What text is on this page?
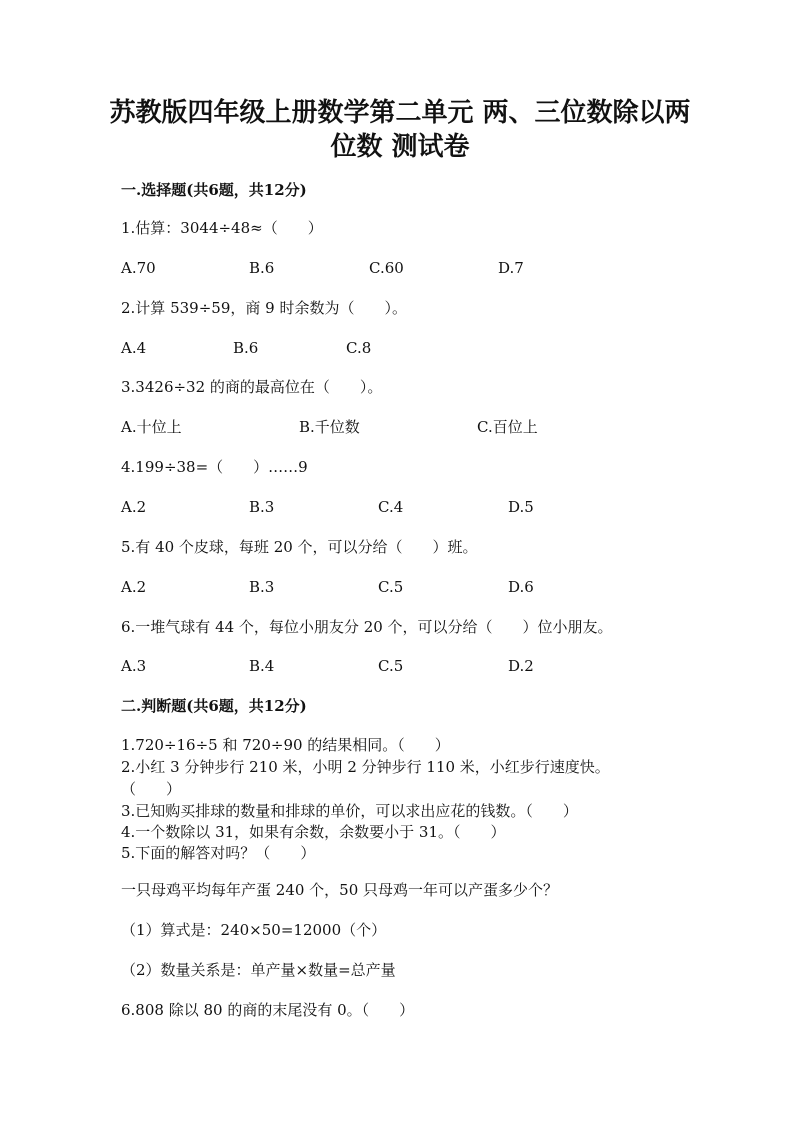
苏教版四年级上册数学第二单元 两、三位数除以两
位数 测试卷
一.选择题(共6题，共12分)
1.估算：3044÷48≈（　　）
A.70	B.6	C.60	D.7
2.计算 539÷59，商 9 时余数为（　　）。
A.4	B.6	C.8
3.3426÷32 的商的最高位在（　　）。
A.十位上	B.千位数	C.百位上
4.199÷38=（　　）……9
A.2	B.3	C.4	D.5
5.有 40 个皮球，每班 20 个，可以分给（　　）班。
A.2	B.3	C.5	D.6
6.一堆气球有 44 个，每位小朋友分 20 个，可以分给（　　）位小朋友。
A.3	B.4	C.5	D.2
二.判断题(共6题，共12分)
1.720÷16÷5 和 720÷90 的结果相同。（　　）
2.小红 3 分钟步行 210 米，小明 2 分钟步行 110 米，小红步行速度快。
（　　）
3.已知购买排球的数量和排球的单价，可以求出应花的钱数。（　　）
4.一个数除以 31，如果有余数，余数要小于 31。（　　）
5.下面的解答对吗？（　　）
一只母鸡平均每年产蛋 240 个，50 只母鸡一年可以产蛋多少个？
（1）算式是：240×50=12000（个）
（2）数量关系是：单产量×数量=总产量
6.808 除以 80 的商的末尾没有 0。（　　）
